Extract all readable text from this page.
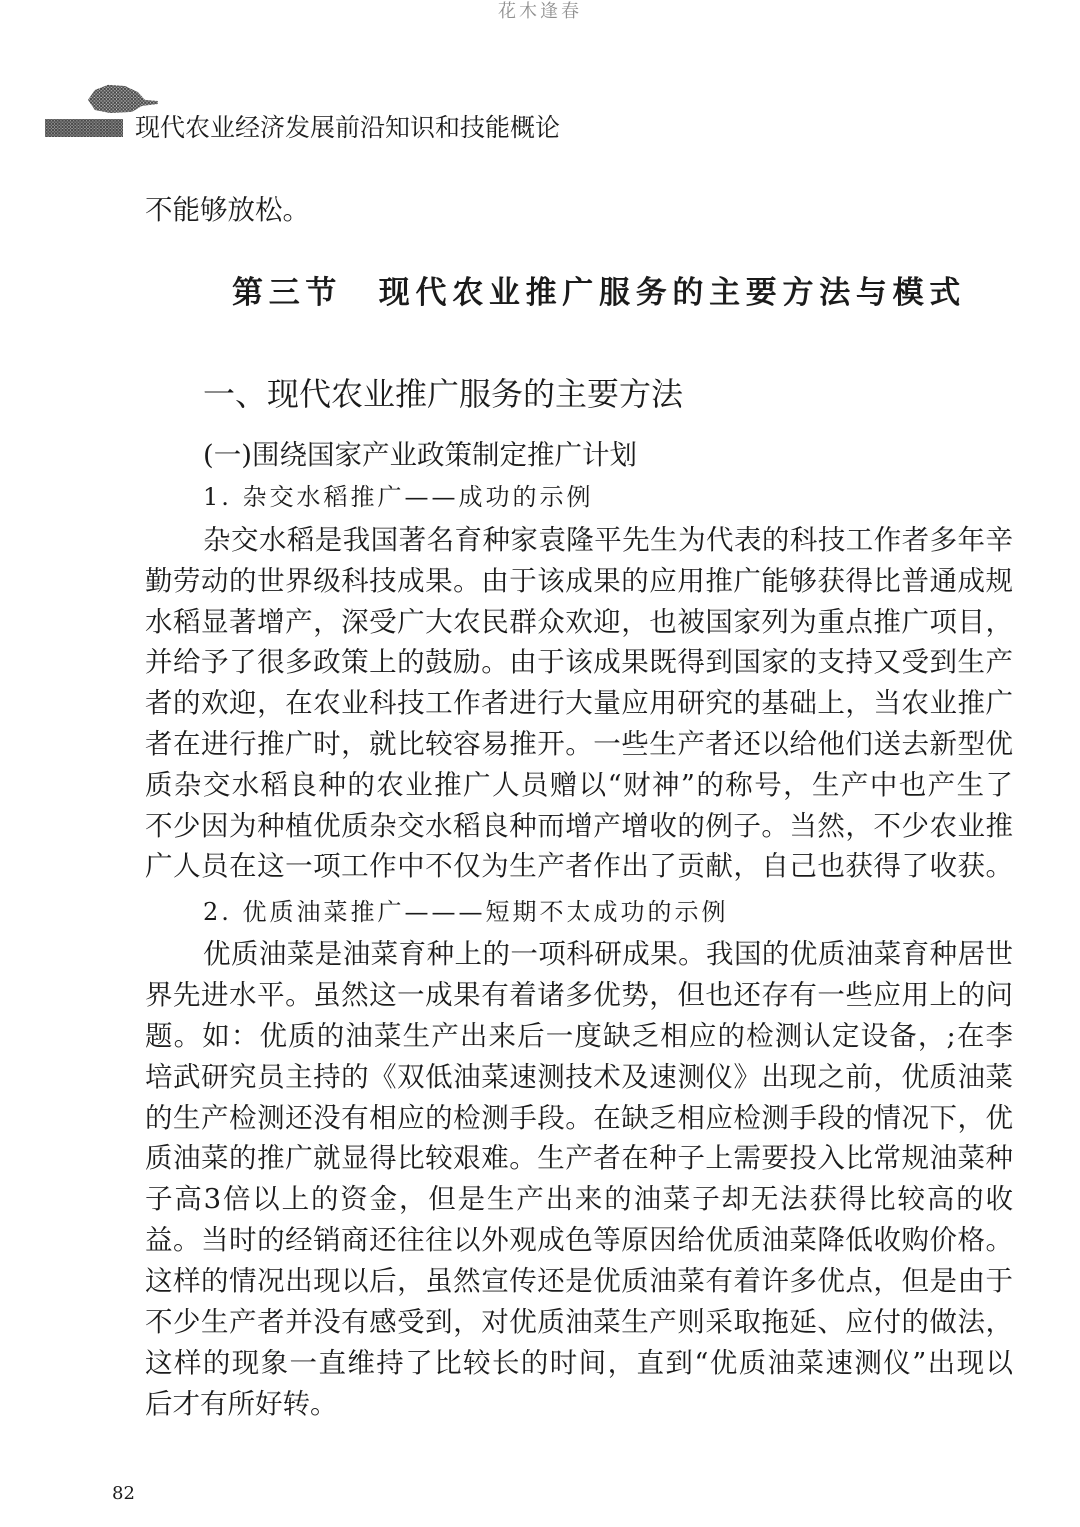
花木逢春
现代农业经济发展前沿知识和技能概论
不能够放松。
第三节　现代农业推广服务的主要方法与模式
一、现代农业推广服务的主要方法
(一)围绕国家产业政策制定推广计划
1. 杂交水稻推广——成功的示例
杂交水稻是我国著名育种家袁隆平先生为代表的科技工作者多年辛
勤劳动的世界级科技成果。由于该成果的应用推广能够获得比普通成规
水稻显著增产，深受广大农民群众欢迎，也被国家列为重点推广项目，
并给予了很多政策上的鼓励。由于该成果既得到国家的支持又受到生产
者的欢迎，在农业科技工作者进行大量应用研究的基础上，当农业推广
者在进行推广时，就比较容易推开。一些生产者还以给他们送去新型优
质杂交水稻良种的农业推广人员赠以“财神”的称号，生产中也产生了
不少因为种植优质杂交水稻良种而增产增收的例子。当然，不少农业推
广人员在这一项工作中不仅为生产者作出了贡献，自己也获得了收获。
2. 优质油菜推广———短期不太成功的示例
优质油菜是油菜育种上的一项科研成果。我国的优质油菜育种居世
界先进水平。虽然这一成果有着诸多优势，但也还存有一些应用上的问
题。如：优质的油菜生产出来后一度缺乏相应的检测认定设备，;在李
培武研究员主持的《双低油菜速测技术及速测仪》出现之前，优质油菜
的生产检测还没有相应的检测手段。在缺乏相应检测手段的情况下，优
质油菜的推广就显得比较艰难。生产者在种子上需要投入比常规油菜种
子高3倍以上的资金，但是生产出来的油菜子却无法获得比较高的收
益。当时的经销商还往往以外观成色等原因给优质油菜降低收购价格。
这样的情况出现以后，虽然宣传还是优质油菜有着许多优点，但是由于
不少生产者并没有感受到，对优质油菜生产则采取拖延、应付的做法，
这样的现象一直维持了比较长的时间，直到“优质油菜速测仪”出现以
后才有所好转。
82
